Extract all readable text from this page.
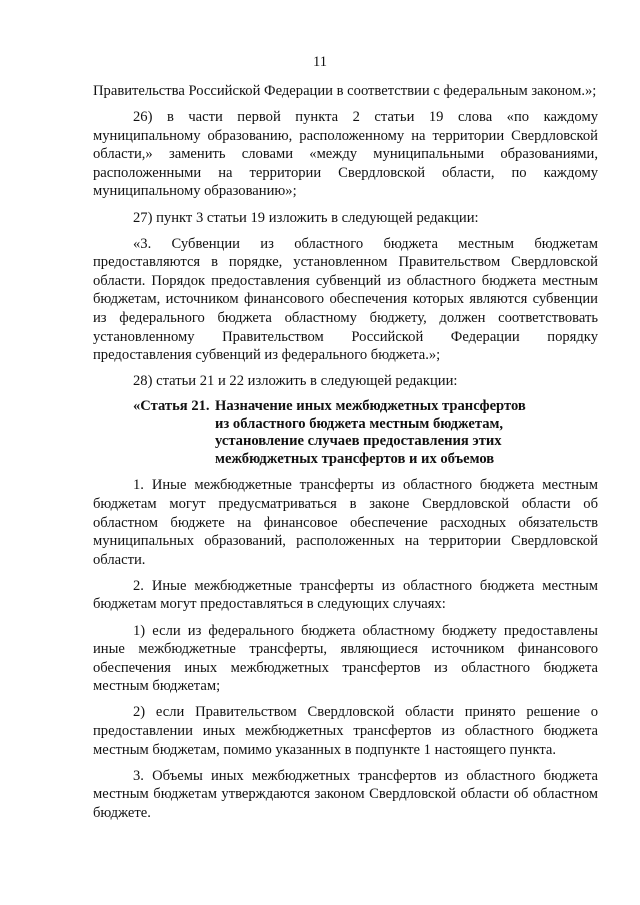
11

Правительства Российской Федерации в соответствии с федеральным законом.»;

26) в части первой пункта 2 статьи 19 слова «по каждому муниципальному образованию, расположенному на территории Свердловской области,» заменить словами «между муниципальными образованиями, расположенными на территории Свердловской области, по каждому муниципальному образованию»;

27) пункт 3 статьи 19 изложить в следующей редакции:

«3. Субвенции из областного бюджета местным бюджетам предоставляются в порядке, установленном Правительством Свердловской области. Порядок предоставления субвенций из областного бюджета местным бюджетам, источником финансового обеспечения которых являются субвенции из федерального бюджета областному бюджету, должен соответствовать установленному Правительством Российской Федерации порядку предоставления субвенций из федерального бюджета.»;

28) статьи 21 и 22 изложить в следующей редакции:

«Статья 21. Назначение иных межбюджетных трансфертов
из областного бюджета местным бюджетам,
установление случаев предоставления этих
межбюджетных трансфертов и их объемов

1. Иные межбюджетные трансферты из областного бюджета местным бюджетам могут предусматриваться в законе Свердловской области об областном бюджете на финансовое обеспечение расходных обязательств муниципальных образований, расположенных на территории Свердловской области.

2. Иные межбюджетные трансферты из областного бюджета местным бюджетам могут предоставляться в следующих случаях:

1) если из федерального бюджета областному бюджету предоставлены иные межбюджетные трансферты, являющиеся источником финансового обеспечения иных межбюджетных трансфертов из областного бюджета местным бюджетам;

2) если Правительством Свердловской области принято решение о предоставлении иных межбюджетных трансфертов из областного бюджета местным бюджетам, помимо указанных в подпункте 1 настоящего пункта.

3. Объемы иных межбюджетных трансфертов из областного бюджета местным бюджетам утверждаются законом Свердловской области об областном бюджете.
